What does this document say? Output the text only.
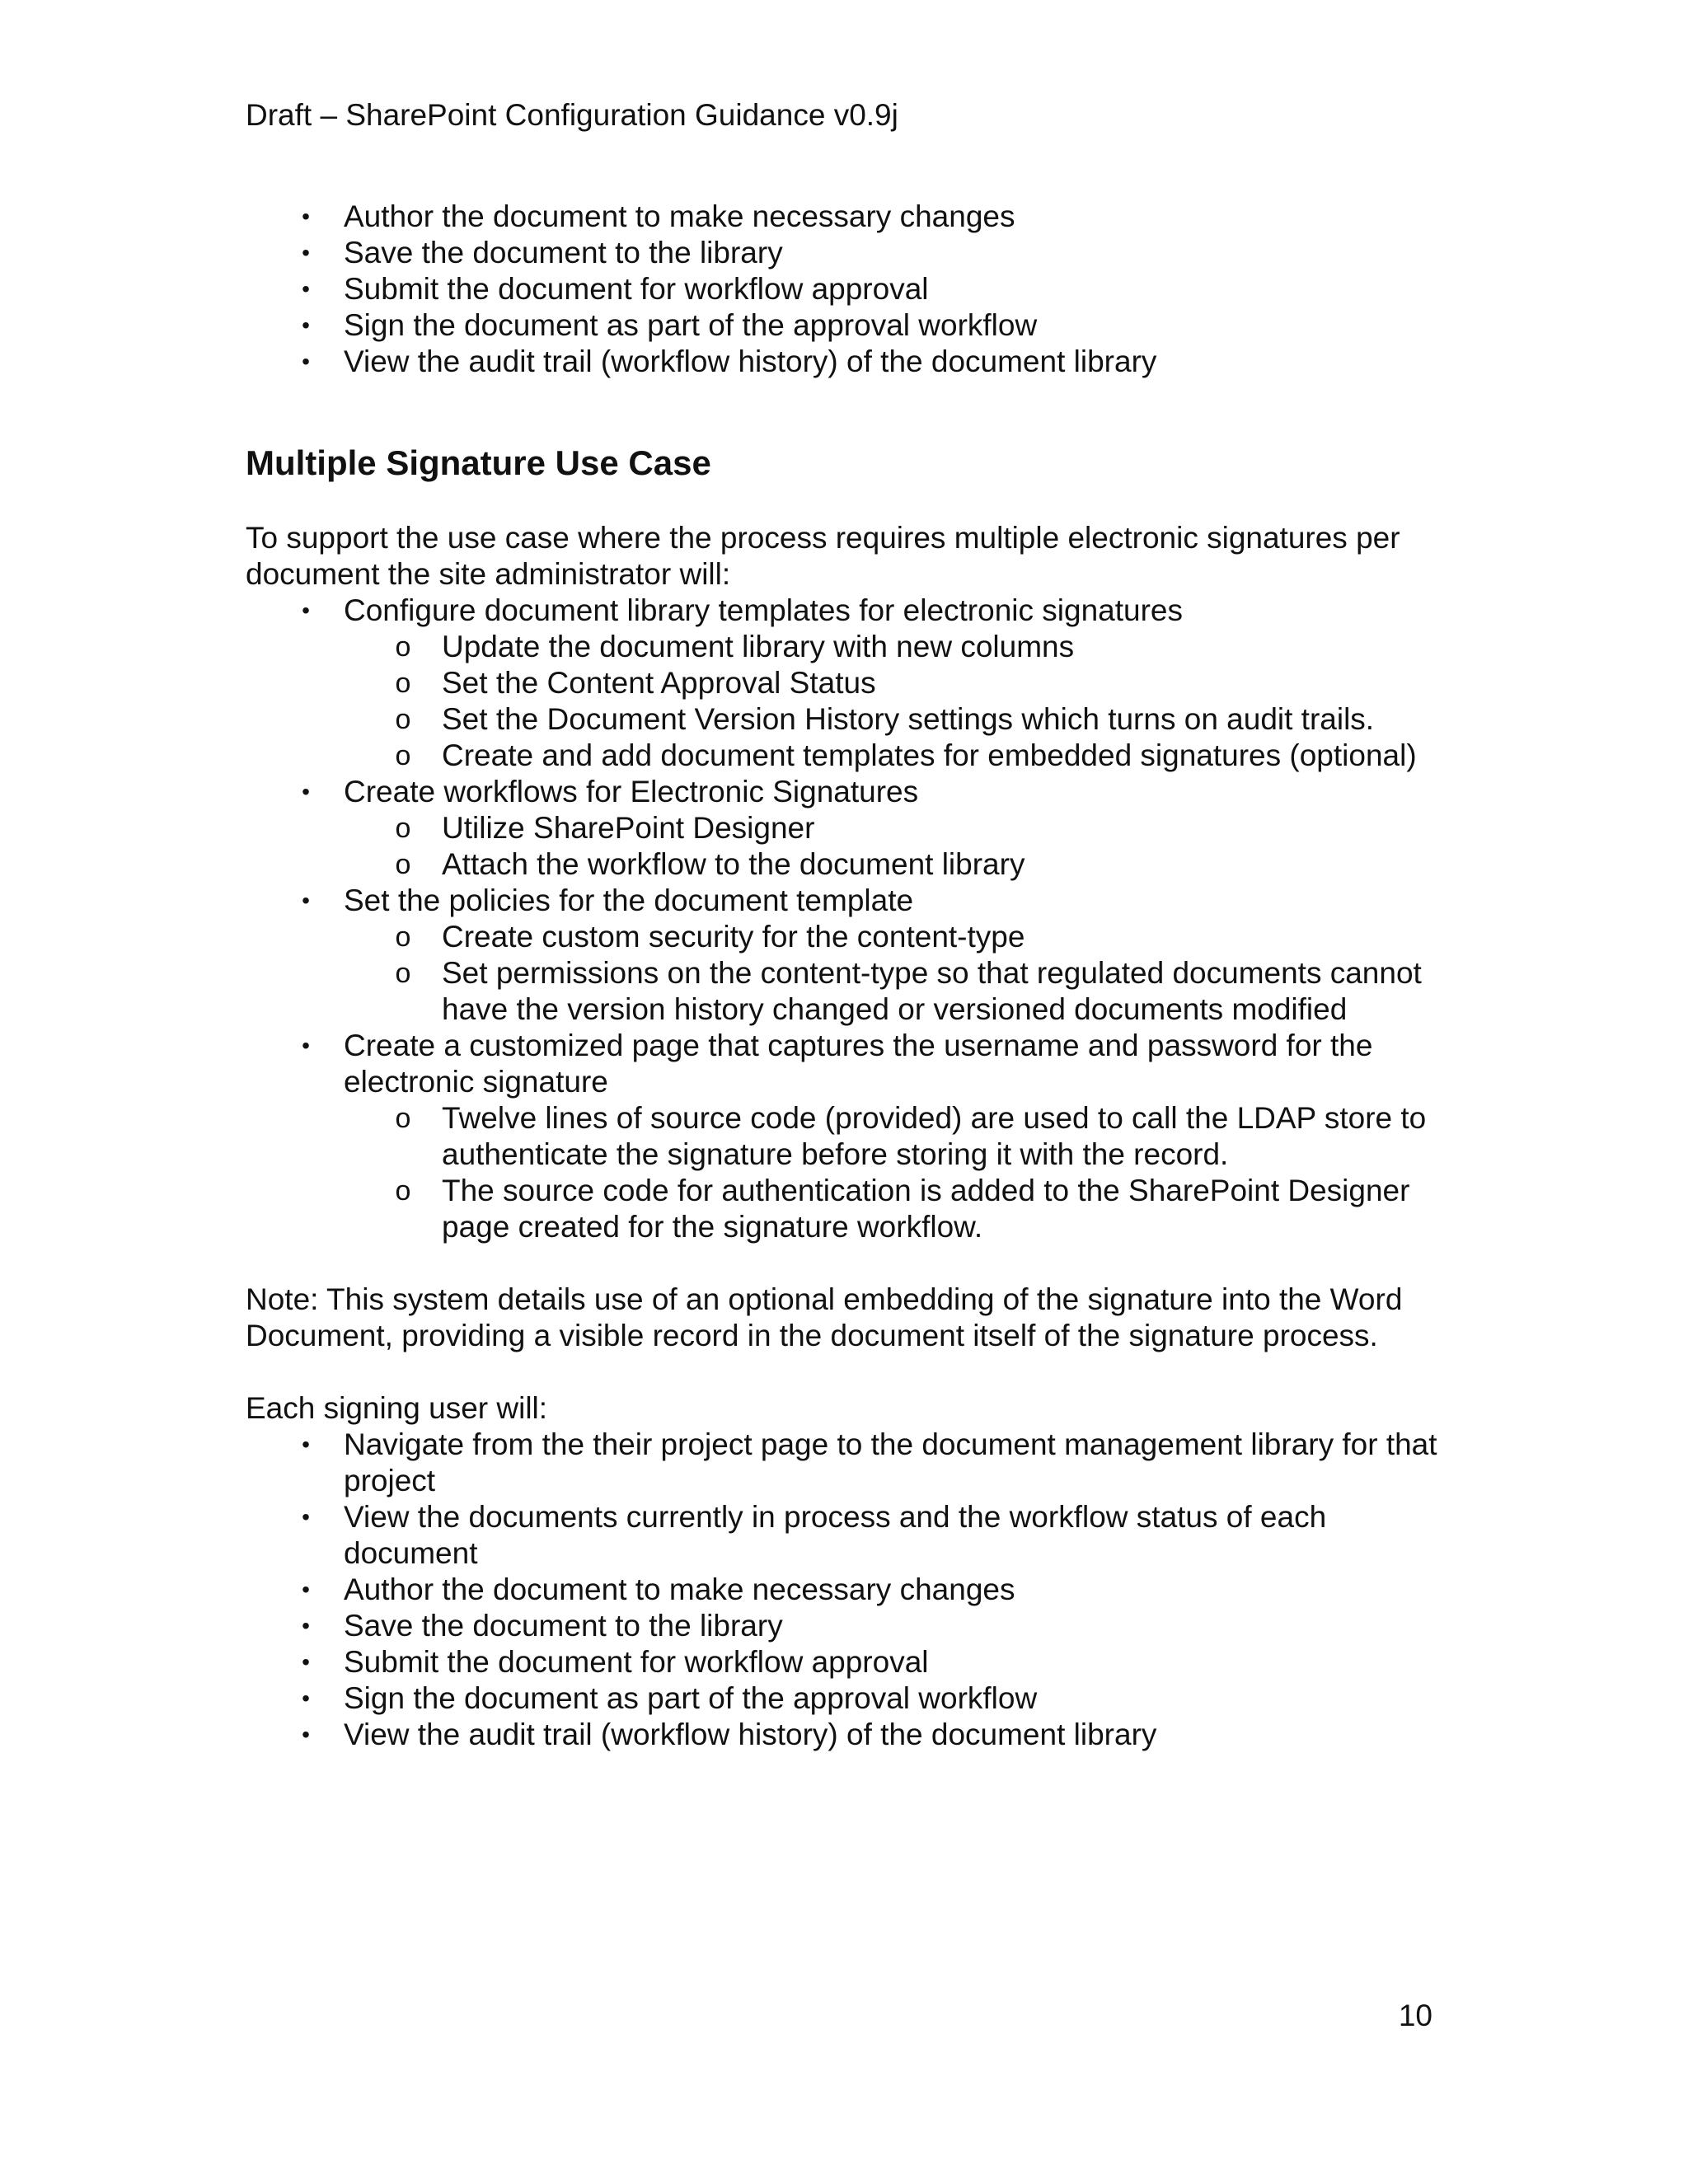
Draft – SharePoint Configuration Guidance v0.9j
• Author the document to make necessary changes
• Save the document to the library
• Submit the document for workflow approval
• Sign the document as part of the approval workflow
• View the audit trail (workflow history) of the document library
Multiple Signature Use Case

To support the use case where the process requires multiple electronic signatures per document the site administrator will:

• Configure document library templates for electronic signatures
o Update the document library with new columns
o Set the Content Approval Status
o Set the Document Version History settings which turns on audit trails.
o Create and add document templates for embedded signatures (optional)
• Create workflows for Electronic Signatures
o Utilize SharePoint Designer
o Attach the workflow to the document library
• Set the policies for the document template
o Create custom security for the content-type
o Set permissions on the content-type so that regulated documents cannot have the version history changed or versioned documents modified
• Create a customized page that captures the username and password for the electronic signature
o Twelve lines of source code (provided) are used to call the LDAP store to authenticate the signature before storing it with the record.
o The source code for authentication is added to the SharePoint Designer page created for the signature workflow.

Note: This system details use of an optional embedding of the signature into the Word Document, providing a visible record in the document itself of the signature process.

Each signing user will:

• Navigate from the their project page to the document management library for that project
• View the documents currently in process and the workflow status of each document
• Author the document to make necessary changes
• Save the document to the library
• Submit the document for workflow approval
• Sign the document as part of the approval workflow
• View the audit trail (workflow history) of the document library
10
